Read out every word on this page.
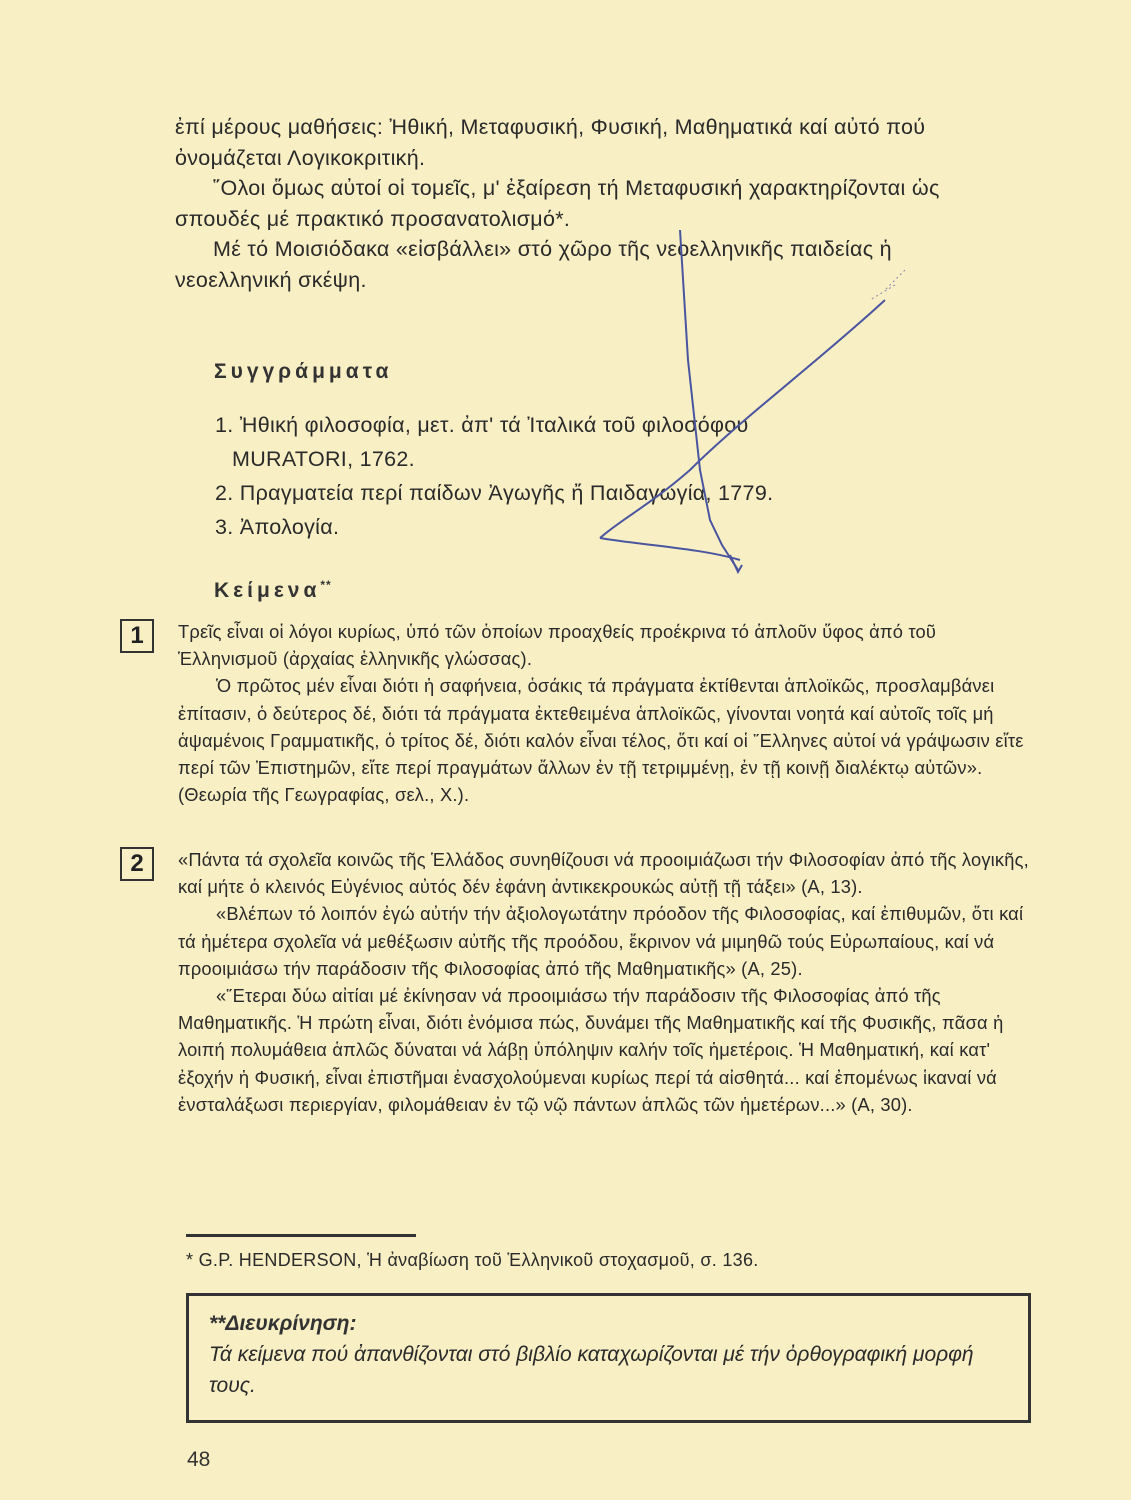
ἐπί μέρους μαθήσεις: Ἠθική, Μεταφυσική, Φυσική, Μαθηματικά καί αὐτό πού ὀνομάζεται Λογικοκριτική.

῞Ολοι ὅμως αὐτοί οἱ τομεῖς, μ' ἐξαίρεση τή Μεταφυσική χαρακτηρίζονται ὡς σπουδές μέ πρακτικό προσανατολισμό*.

Μέ τό Μοισιόδακα «εἰσβάλλει» στό χῶρο τῆς νεοελληνικῆς παιδείας ἡ νεοελληνική σκέψη.

Συγγράμματα
1. Ἠθική φιλοσοφία, μετ. ἀπ' τά Ἰταλικά τοῦ φιλοσόφου
MURATORI, 1762.
2. Πραγματεία περί παίδων Ἀγωγῆς ἤ Παιδαγωγία, 1779.
3. Ἀπολογία.
Κείμενα**
1	Τρεῖς εἶναι οἱ λόγοι κυρίως, ὑπό τῶν ὁποίων προαχθείς προέκρινα τό ἁπλοῦν ὕφος ἀπό τοῦ Ἑλληνισμοῦ (ἀρχαίας ἑλληνικῆς γλώσσας).

Ὁ πρῶτος μέν εἶναι διότι ἡ σαφήνεια, ὁσάκις τά πράγματα ἐκτίθενται ἁπλοϊκῶς, προσλαμβάνει ἐπίτασιν, ὁ δεύτερος δέ, διότι τά πράγματα ἐκτεθειμένα ἁπλοϊκῶς, γίνονται νοητά καί αὐτοῖς τοῖς μή ἁψαμένοις Γραμματικῆς, ὁ τρίτος δέ, διότι καλόν εἶναι τέλος, ὅτι καί οἱ ῞Ελληνες αὐτοί νά γράψωσιν εἴτε περί τῶν Ἐπιστημῶν, εἴτε περί πραγμάτων ἄλλων ἐν τῇ τετριμμένῃ, ἐν τῇ κοινῇ διαλέκτῳ αὐτῶν». (Θεωρία τῆς Γεωγραφίας, σελ., Χ.).

2	«Πάντα τά σχολεῖα κοινῶς τῆς Ἑλλάδος συνηθίζουσι νά προοιμιάζωσι τήν Φιλοσοφίαν ἀπό τῆς λογικῆς, καί μήτε ὁ κλεινός Εὐγένιος αὐτός δέν ἐφάνη ἀντικεκρουκώς αὐτῇ τῇ τάξει» (Α, 13).

«Βλέπων τό λοιπόν ἐγώ αὐτήν τήν ἀξιολογωτάτην πρόοδον τῆς Φιλοσοφίας, καί ἐπιθυμῶν, ὅτι καί τά ἡμέτερα σχολεῖα νά μεθέξωσιν αὐτῆς τῆς προόδου, ἔκρινον νά μιμηθῶ τούς Εὐρωπαίους, καί νά προοιμιάσω τήν παράδοσιν τῆς Φιλοσοφίας ἀπό τῆς Μαθηματικῆς» (Α, 25).

«῞Ετεραι δύω αἰτίαι μέ ἐκίνησαν νά προοιμιάσω τήν παράδοσιν τῆς Φιλοσοφίας ἀπό τῆς Μαθηματικῆς. Ἡ πρώτη εἶναι, διότι ἐνόμισα πώς, δυνάμει τῆς Μαθηματικῆς καί τῆς Φυσικῆς, πᾶσα ἡ λοιπή πολυμάθεια ἁπλῶς δύναται νά λάβῃ ὑπόληψιν καλήν τοῖς ἡμετέροις. Ἡ Μαθηματική, καί κατ' ἐξοχήν ἡ Φυσική, εἶναι ἐπιστῆμαι ἐνασχολούμεναι κυρίως περί τά αἰσθητά... καί ἐπομένως ἱκαναί νά ἐνσταλάξωσι περιεργίαν, φιλομάθειαν ἐν τῷ νῷ πάντων ἁπλῶς τῶν ἡμετέρων...» (Α, 30).

* G.P. HENDERSON, Ἡ ἀναβίωση τοῦ Ἑλληνικοῦ στοχασμοῦ, σ. 136.
**Διευκρίνηση:
Τά κείμενα πού ἀπανθίζονται στό βιβλίο καταχωρίζονται μέ τήν ὀρθογραφική μορφή τους.
48
